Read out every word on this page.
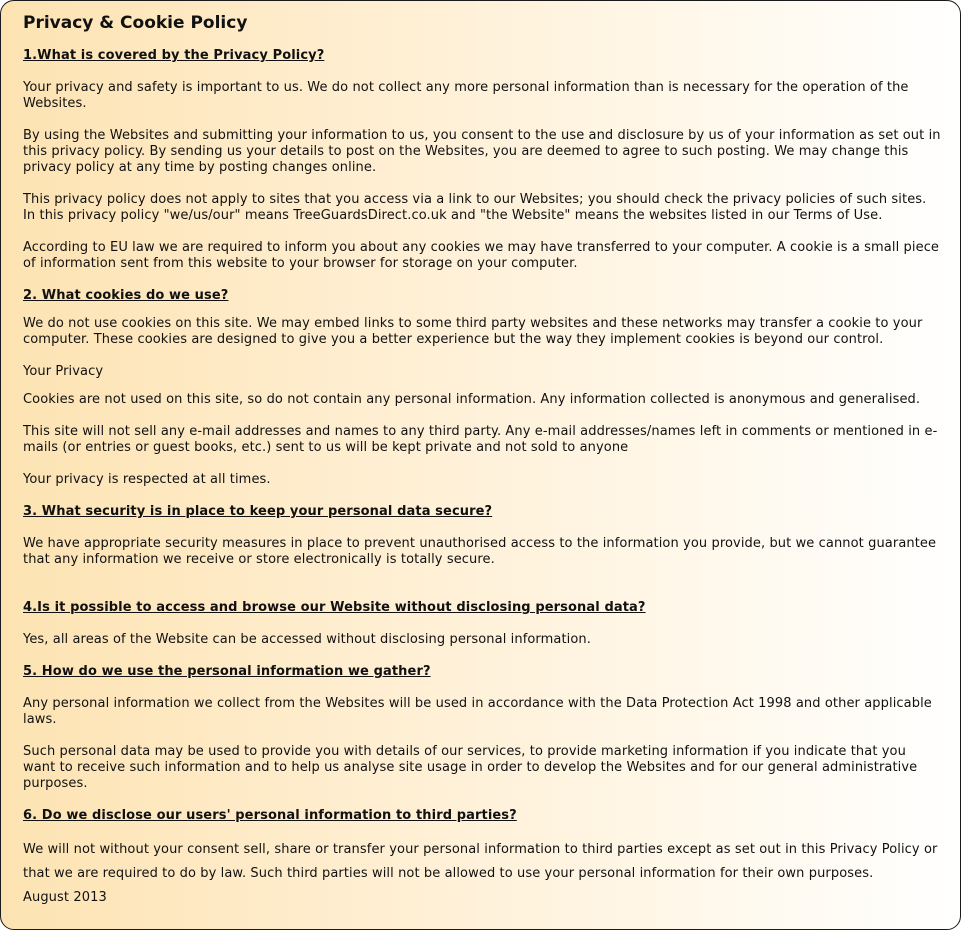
Privacy & Cookie Policy
1.What is covered by the Privacy Policy?

Your privacy and safety is important to us. We do not collect any more personal information than is necessary for the operation of the Websites.

By using the Websites and submitting your information to us, you consent to the use and disclosure by us of your information as set out in this privacy policy. By sending us your details to post on the Websites, you are deemed to agree to such posting. We may change this privacy policy at any time by posting changes online.

This privacy policy does not apply to sites that you access via a link to our Websites; you should check the privacy policies of such sites. In this privacy policy "we/us/our" means TreeGuardsDirect.co.uk and "the Website" means the websites listed in our Terms of Use.

According to EU law we are required to inform you about any cookies we may have transferred to your computer. A cookie is a small piece of information sent from this website to your browser for storage on your computer.

2. What cookies do we use?

We do not use cookies on this site. We may embed links to some third party websites and these networks may transfer a cookie to your computer. These cookies are designed to give you a better experience but the way they implement cookies is beyond our control.

Your Privacy

Cookies are not used on this site, so do not contain any personal information. Any information collected is anonymous and generalised.

This site will not sell any e-mail addresses and names to any third party. Any e-mail addresses/names left in comments or mentioned in e-mails (or entries or guest books, etc.) sent to us will be kept private and not sold to anyone

Your privacy is respected at all times.

3. What security is in place to keep your personal data secure?

We have appropriate security measures in place to prevent unauthorised access to the information you provide, but we cannot guarantee that any information we receive or store electronically is totally secure.

4.Is it possible to access and browse our Website without disclosing personal data?

Yes, all areas of the Website can be accessed without disclosing personal information.

5. How do we use the personal information we gather?

Any personal information we collect from the Websites will be used in accordance with the Data Protection Act 1998 and other applicable laws.

Such personal data may be used to provide you with details of our services, to provide marketing information if you indicate that you want to receive such information and to help us analyse site usage in order to develop the Websites and for our general administrative purposes.

6. Do we disclose our users' personal information to third parties?

We will not without your consent sell, share or transfer your personal information to third parties except as set out in this Privacy Policy or that we are required to do by law. Such third parties will not be allowed to use your personal information for their own purposes.

August 2013
